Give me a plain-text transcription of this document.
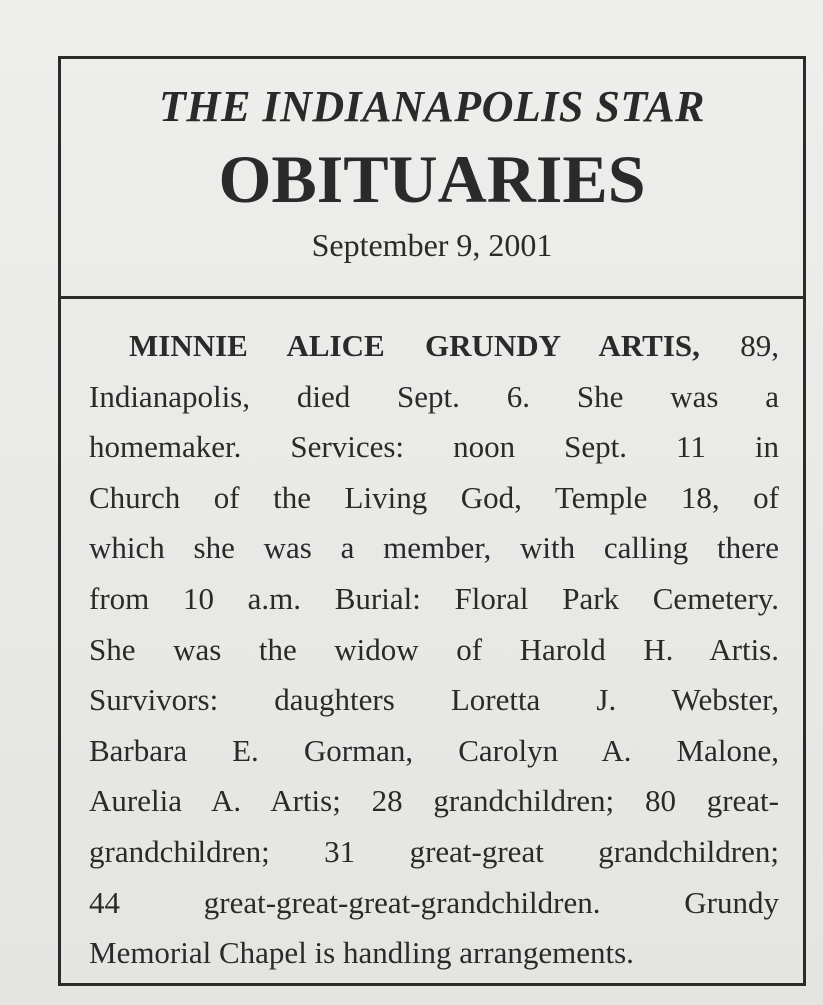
THE INDIANAPOLIS STAR
OBITUARIES
September 9, 2001
MINNIE ALICE GRUNDY ARTIS, 89,
Indianapolis, died Sept. 6. She was a
homemaker. Services: noon Sept. 11 in
Church of the Living God, Temple 18, of
which she was a member, with calling there
from 10 a.m. Burial: Floral Park Cemetery.
She was the widow of Harold H. Artis.
Survivors: daughters Loretta J. Webster,
Barbara E. Gorman, Carolyn A. Malone,
Aurelia A. Artis; 28 grandchildren; 80 great-
grandchildren; 31 great-great grandchildren;
44 great-great-great-grandchildren. Grundy
Memorial Chapel is handling arrangements.
